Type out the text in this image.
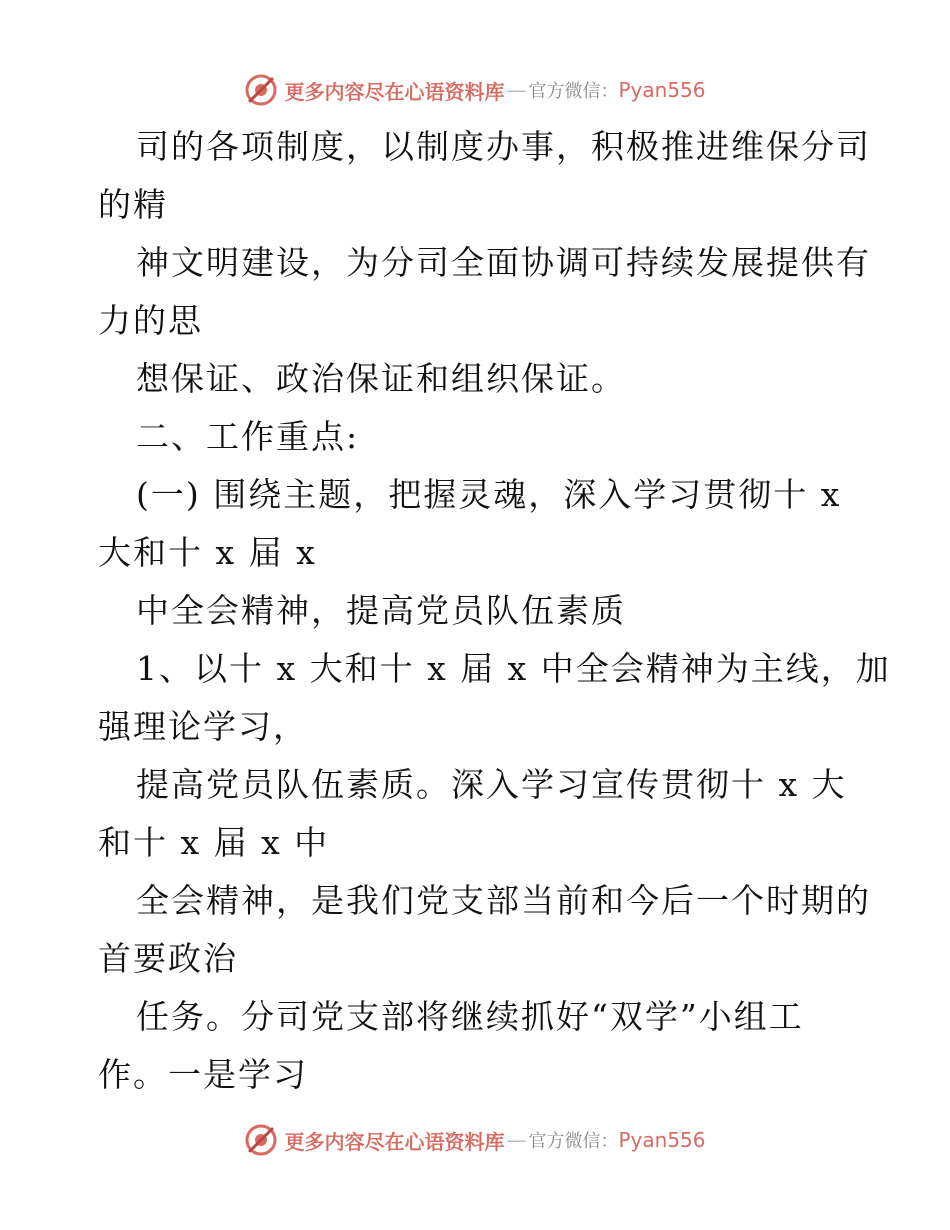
更多内容尽在心语资料库 — 官方微信： Pyan556
司的各项制度，以制度办事，积极推进维保分司
的精
神文明建设，为分司全面协调可持续发展提供有
力的思
想保证、政治保证和组织保证。
二、工作重点:
(一) 围绕主题，把握灵魂，深入学习贯彻十 x
大和十 x 届 x
中全会精神，提高党员队伍素质
1、以十 x 大和十 x 届 x 中全会精神为主线，加
强理论学习，
提高党员队伍素质。深入学习宣传贯彻十 x 大
和十 x 届 x 中
全会精神，是我们党支部当前和今后一个时期的
首要政治
任务。分司党支部将继续抓好“双学”小组工
作。一是学习
更多内容尽在心语资料库 — 官方微信： Pyan556
